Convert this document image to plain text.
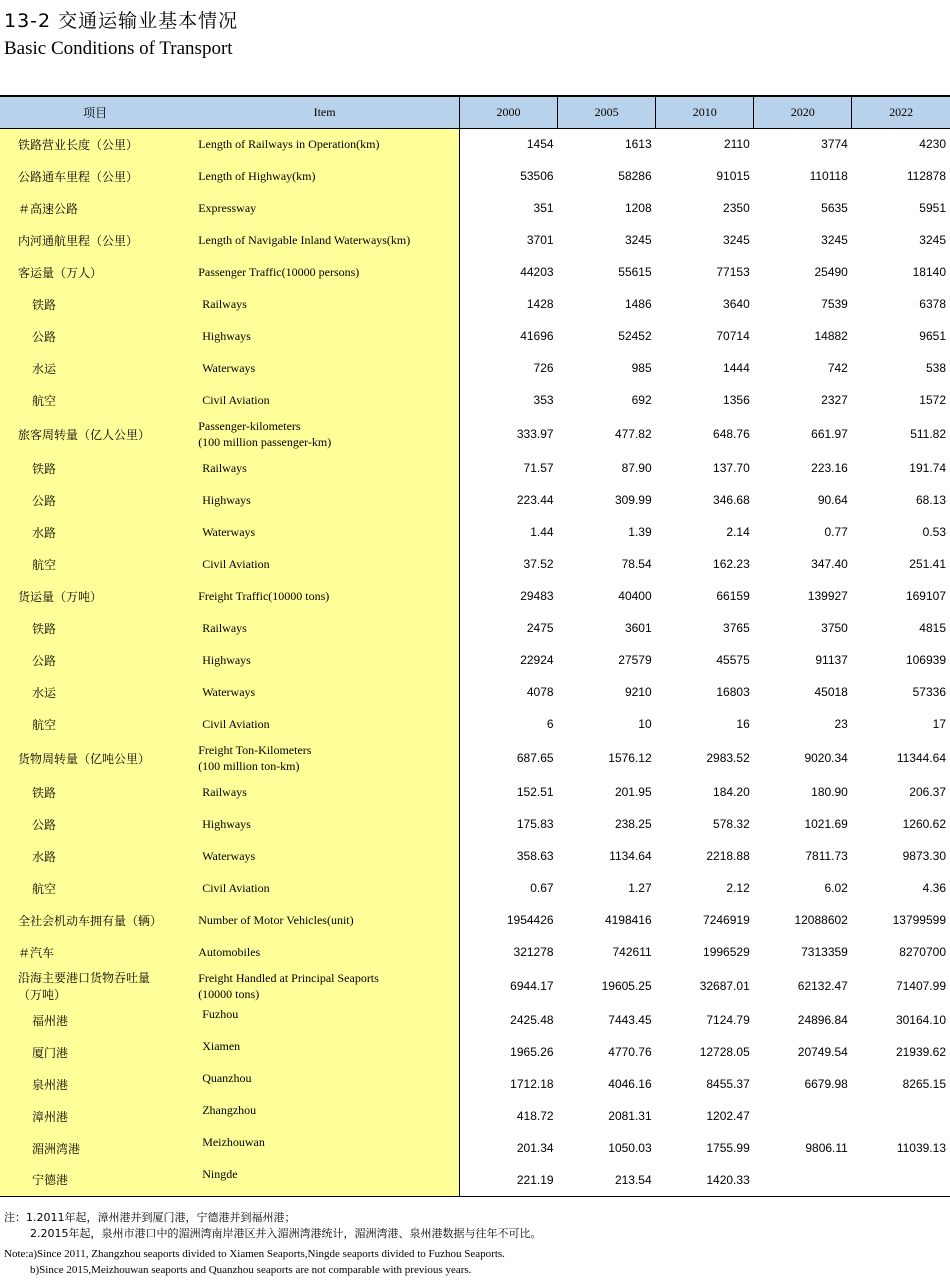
13-2 交通运输业基本情况
Basic Conditions of Transport
项目	Item	2000	2005	2010	2020	2022
铁路营业长度（公里）	Length of Railways in Operation(km)	1454	1613	2110	3774	4230
公路通车里程（公里）	Length of Highway(km)	53506	58286	91015	110118	112878
＃高速公路	Expressway	351	1208	2350	5635	5951
内河通航里程（公里）	Length of Navigable Inland Waterways(km)	3701	3245	3245	3245	3245
客运量（万人）	Passenger Traffic(10000 persons)	44203	55615	77153	25490	18140
铁路	Railways	1428	1486	3640	7539	6378
公路	Highways	41696	52452	70714	14882	9651
水运	Waterways	726	985	1444	742	538
航空	Civil Aviation	353	692	1356	2327	1572
旅客周转量（亿人公里）	Passenger-kilometers
(100 million passenger-km)	333.97	477.82	648.76	661.97	511.82
铁路	Railways	71.57	87.90	137.70	223.16	191.74
公路	Highways	223.44	309.99	346.68	90.64	68.13
水路	Waterways	1.44	1.39	2.14	0.77	0.53
航空	Civil Aviation	37.52	78.54	162.23	347.40	251.41
货运量（万吨）	Freight Traffic(10000 tons)	29483	40400	66159	139927	169107
铁路	Railways	2475	3601	3765	3750	4815
公路	Highways	22924	27579	45575	91137	106939
水运	Waterways	4078	9210	16803	45018	57336
航空	Civil Aviation	6	10	16	23	17
货物周转量（亿吨公里）	Freight Ton-Kilometers
(100 million ton-km)	687.65	1576.12	2983.52	9020.34	11344.64
铁路	Railways	152.51	201.95	184.20	180.90	206.37
公路	Highways	175.83	238.25	578.32	1021.69	1260.62
水路	Waterways	358.63	1134.64	2218.88	7811.73	9873.30
航空	Civil Aviation	0.67	1.27	2.12	6.02	4.36
全社会机动车拥有量（辆）	Number of Motor Vehicles(unit)	1954426	4198416	7246919	12088602	13799599
＃汽车	Automobiles	321278	742611	1996529	7313359	8270700
沿海主要港口货物吞吐量
（万吨）	Freight Handled at Principal Seaports
(10000 tons)	6944.17	19605.25	32687.01	62132.47	71407.99
福州港	Fuzhou	2425.48	7443.45	7124.79	24896.84	30164.10
厦门港	Xiamen	1965.26	4770.76	12728.05	20749.54	21939.62
泉州港	Quanzhou	1712.18	4046.16	8455.37	6679.98	8265.15
漳州港	Zhangzhou	418.72	2081.31	1202.47		
湄洲湾港	Meizhouwan	201.34	1050.03	1755.99	9806.11	11039.13
宁德港	Ningde	221.19	213.54	1420.33		
注：1.2011年起，漳州港并到厦门港，宁德港并到福州港；
2.2015年起，泉州市港口中的湄洲湾南岸港区并入湄洲湾港统计，湄洲湾港、泉州港数据与往年不可比。
Note:a)Since 2011, Zhangzhou seaports divided to Xiamen Seaports,Ningde seaports divided to Fuzhou Seaports.
b)Since 2015,Meizhouwan seaports and Quanzhou seaports are not comparable with previous years.
